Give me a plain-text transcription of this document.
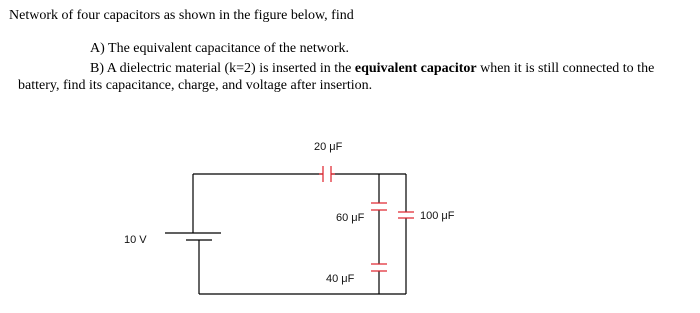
Network of four capacitors as shown in the figure below, find
A) The equivalent capacitance of the network.
B) A dielectric material (k=2) is inserted in the equivalent capacitor when it is still connected to the
battery, find its capacitance, charge, and voltage after insertion.
20 μF
60 μF
40 μF
100 μF
10 V
